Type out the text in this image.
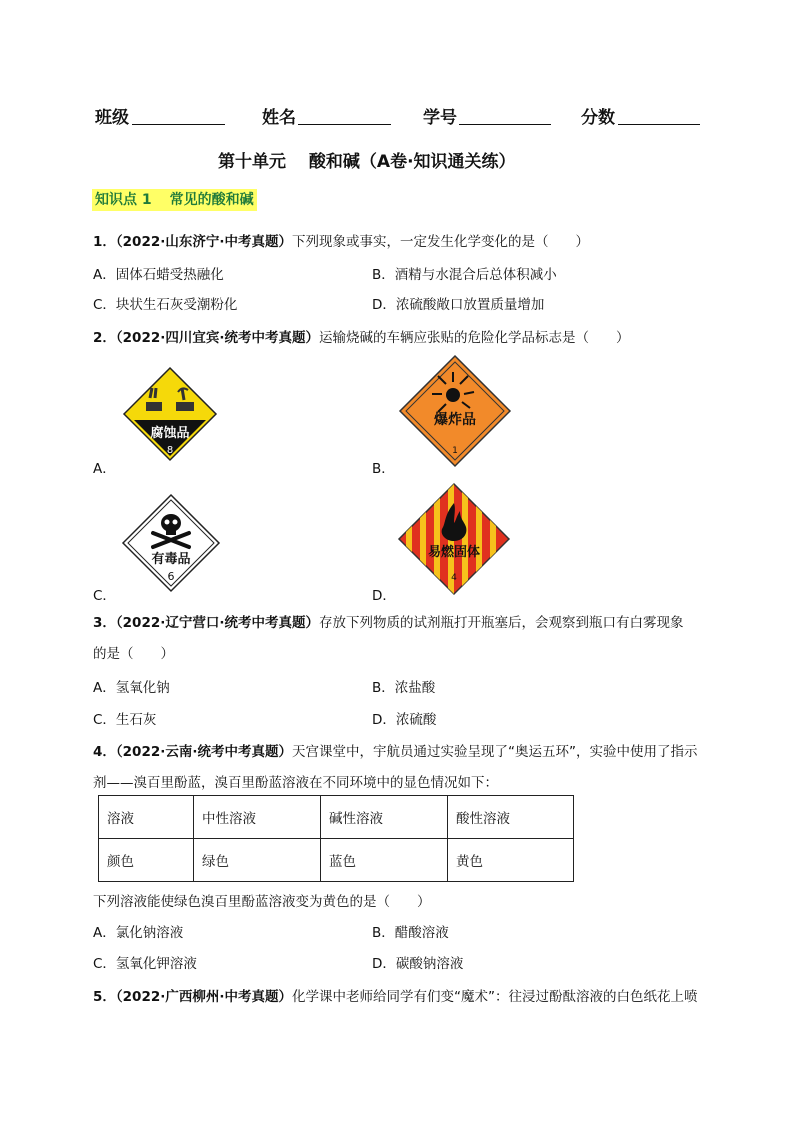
班级	姓名	学号	分数
第十单元　 酸和碱（A卷·知识通关练）
知识点 1 常见的酸和碱
1．（2022·山东济宁·中考真题）下列现象或事实，一定发生化学变化的是（　　）
A．固体石蜡受热融化	B．酒精与水混合后总体积减小
C．块状生石灰受潮粉化	D．浓硫酸敞口放置质量增加
2．（2022·四川宜宾·统考中考真题）运输烧碱的车辆应张贴的危险化学品标志是（　　）
腐蚀品
8
A．
爆炸品
1
B．
有毒品
6
C．
易燃固体
4
D．
3．（2022·辽宁营口·统考中考真题）存放下列物质的试剂瓶打开瓶塞后，会观察到瓶口有白雾现象
的是（　　）
A．氢氧化钠	B．浓盐酸
C．生石灰	D．浓硫酸
4．（2022·云南·统考中考真题）天宫课堂中，宇航员通过实验呈现了“奥运五环”，实验中使用了指示
剂——溴百里酚蓝，溴百里酚蓝溶液在不同环境中的显色情况如下：
溶液	中性溶液	碱性溶液	酸性溶液
颜色	绿色	蓝色	黄色
下列溶液能使绿色溴百里酚蓝溶液变为黄色的是（　　）
A．氯化钠溶液	B．醋酸溶液
C．氢氧化钾溶液	D．碳酸钠溶液
5．（2022·广西柳州·中考真题）化学课中老师给同学有们变“魔术”：往浸过酚酞溶液的白色纸花上喷
